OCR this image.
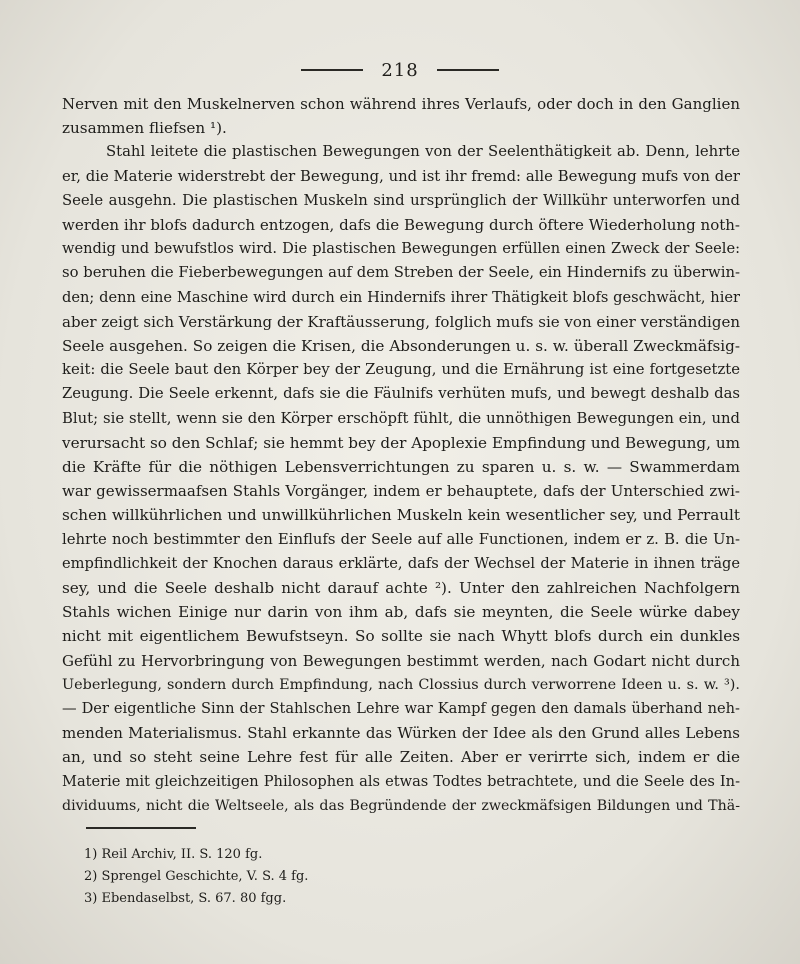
218
Nerven mit den Muskelnerven schon während ihres Verlaufs, oder doch in den Ganglien
zusammen fliefsen ¹).
Stahl leitete die plastischen Bewegungen von der Seelenthätigkeit ab. Denn, lehrte
er, die Materie widerstrebt der Bewegung, und ist ihr fremd: alle Bewegung mufs von der
Seele ausgehn. Die plastischen Muskeln sind ursprünglich der Willkühr unterworfen und
werden ihr blofs dadurch entzogen, dafs die Bewegung durch öftere Wiederholung noth-
wendig und bewufstlos wird. Die plastischen Bewegungen erfüllen einen Zweck der Seele:
so beruhen die Fieberbewegungen auf dem Streben der Seele, ein Hindernifs zu überwin-
den; denn eine Maschine wird durch ein Hindernifs ihrer Thätigkeit blofs geschwächt, hier
aber zeigt sich Verstärkung der Kraftäusserung, folglich mufs sie von einer verständigen
Seele ausgehen. So zeigen die Krisen, die Absonderungen u. s. w. überall Zweckmäfsig-
keit: die Seele baut den Körper bey der Zeugung, und die Ernährung ist eine fortgesetzte
Zeugung. Die Seele erkennt, dafs sie die Fäulnifs verhüten mufs, und bewegt deshalb das
Blut; sie stellt, wenn sie den Körper erschöpft fühlt, die unnöthigen Bewegungen ein, und
verursacht so den Schlaf; sie hemmt bey der Apoplexie Empfindung und Bewegung, um
die Kräfte für die nöthigen Lebensverrichtungen zu sparen u. s. w. — Swammerdam
war gewissermaafsen Stahls Vorgänger, indem er behauptete, dafs der Unterschied zwi-
schen willkührlichen und unwillkührlichen Muskeln kein wesentlicher sey, und Perrault
lehrte noch bestimmter den Einflufs der Seele auf alle Functionen, indem er z. B. die Un-
empfindlichkeit der Knochen daraus erklärte, dafs der Wechsel der Materie in ihnen träge
sey, und die Seele deshalb nicht darauf achte ²). Unter den zahlreichen Nachfolgern
Stahls wichen Einige nur darin von ihm ab, dafs sie meynten, die Seele würke dabey
nicht mit eigentlichem Bewufstseyn. So sollte sie nach Whytt blofs durch ein dunkles
Gefühl zu Hervorbringung von Bewegungen bestimmt werden, nach Godart nicht durch
Ueberlegung, sondern durch Empfindung, nach Clossius durch verworrene Ideen u. s. w. ³).
— Der eigentliche Sinn der Stahlschen Lehre war Kampf gegen den damals überhand neh-
menden Materialismus. Stahl erkannte das Würken der Idee als den Grund alles Lebens
an, und so steht seine Lehre fest für alle Zeiten. Aber er verirrte sich, indem er die
Materie mit gleichzeitigen Philosophen als etwas Todtes betrachtete, und die Seele des In-
dividuums, nicht die Weltseele, als das Begründende der zweckmäfsigen Bildungen und Thä-
1) Reil Archiv, II. S. 120 fg.
2) Sprengel Geschichte, V. S. 4 fg.
3) Ebendaselbst, S. 67. 80 fgg.
